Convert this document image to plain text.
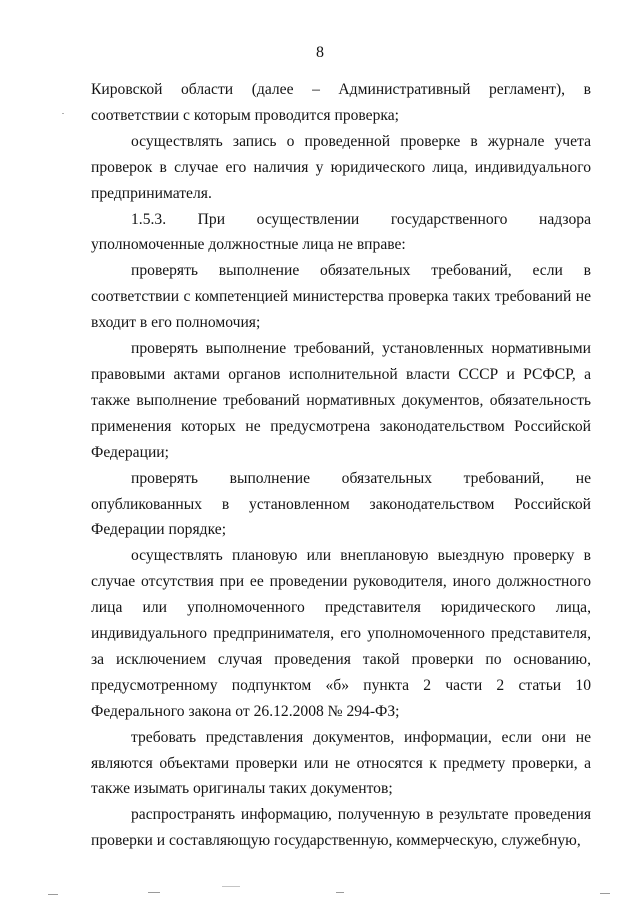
8

Кировской области (далее – Административный регламент), в соответствии с которым проводится проверка;

осуществлять запись о проведенной проверке в журнале учета проверок в случае его наличия у юридического лица, индивидуального предпринимателя.

1.5.3. При осуществлении государственного надзора уполномоченные должностные лица не вправе:

проверять выполнение обязательных требований, если в соответствии с компетенцией министерства проверка таких требований не входит в его полномочия;

проверять выполнение требований, установленных нормативными правовыми актами органов исполнительной власти СССР и РСФСР, а также выполнение требований нормативных документов, обязательность применения которых не предусмотрена законодательством Российской Федерации;

проверять выполнение обязательных требований, не опубликованных в установленном законодательством Российской Федерации порядке;

осуществлять плановую или внеплановую выездную проверку в случае отсутствия при ее проведении руководителя, иного должностного лица или уполномоченного представителя юридического лица, индивидуального предпринимателя, его уполномоченного представителя, за исключением случая проведения такой проверки по основанию, предусмотренному подпунктом «б» пункта 2 части 2 статьи 10 Федерального закона от 26.12.2008 № 294-ФЗ;

требовать представления документов, информации, если они не являются объектами проверки или не относятся к предмету проверки, а также изымать оригиналы таких документов;

распространять информацию, полученную в результате проведения проверки и составляющую государственную, коммерческую, служебную,
